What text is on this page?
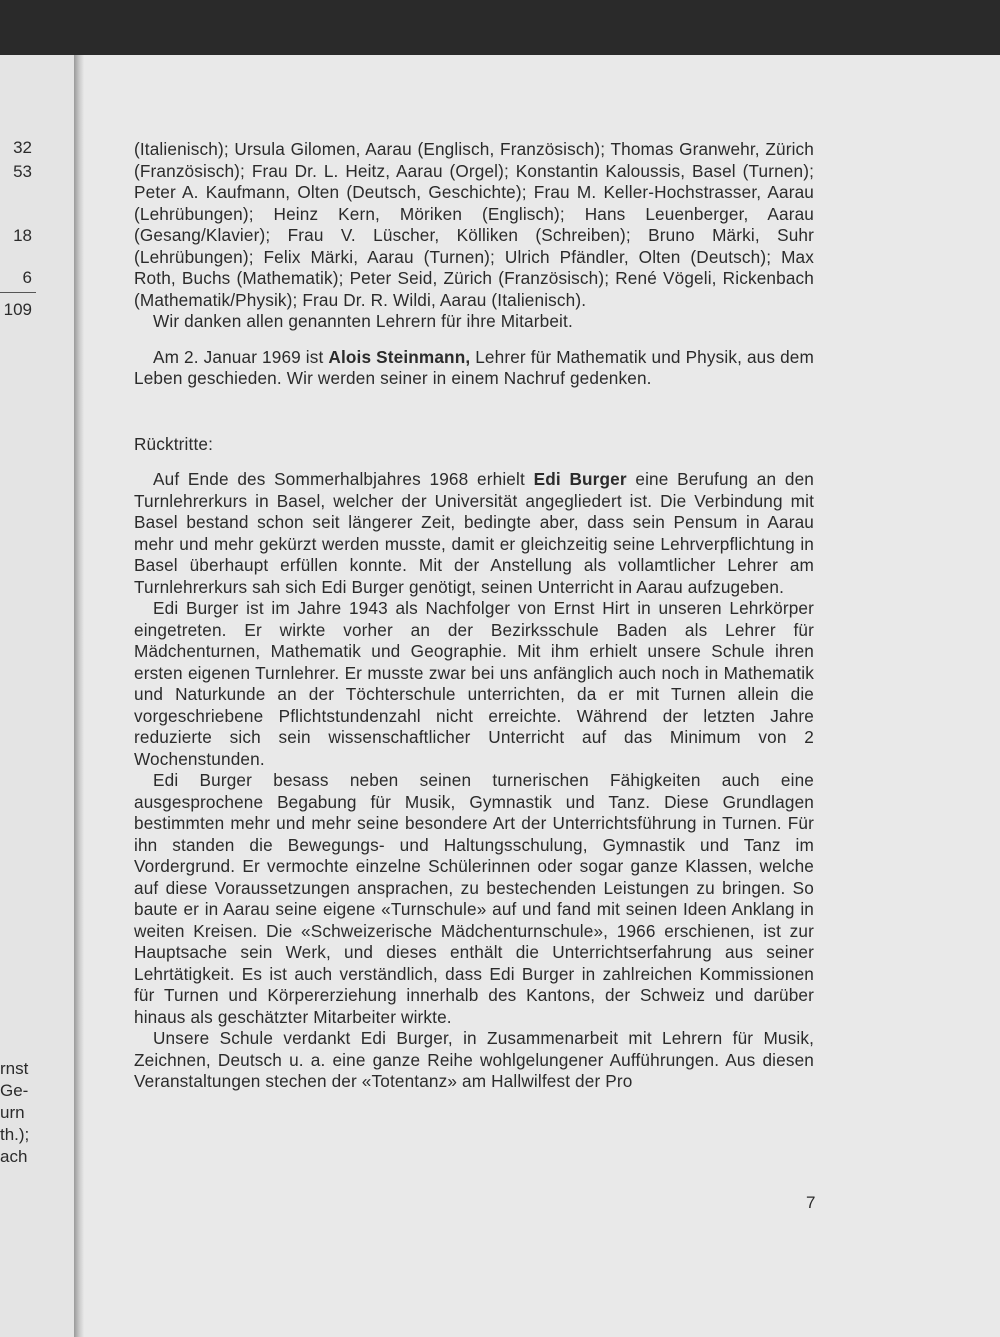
32
53
18
6
109
rnst
Ge-
urn
th.);
ach

(Italienisch); Ursula Gilomen, Aarau (Englisch, Französisch); Thomas Granwehr, Zürich (Französisch); Frau Dr. L. Heitz, Aarau (Orgel); Konstantin Kaloussis, Basel (Turnen); Peter A. Kaufmann, Olten (Deutsch, Geschichte); Frau M. Keller-Hochstrasser, Aarau (Lehrübungen); Heinz Kern, Möriken (Englisch); Hans Leuenberger, Aarau (Gesang/Klavier); Frau V. Lüscher, Kölliken (Schreiben); Bruno Märki, Suhr (Lehrübungen); Felix Märki, Aarau (Turnen); Ulrich Pfändler, Olten (Deutsch); Max Roth, Buchs (Mathematik); Peter Seid, Zürich (Französisch); René Vögeli, Rickenbach (Mathematik/Physik); Frau Dr. R. Wildi, Aarau (Italienisch).

Wir danken allen genannten Lehrern für ihre Mitarbeit.

Am 2. Januar 1969 ist Alois Steinmann, Lehrer für Mathematik und Physik, aus dem Leben geschieden. Wir werden seiner in einem Nachruf gedenken.

Rücktritte:

Auf Ende des Sommerhalbjahres 1968 erhielt Edi Burger eine Berufung an den Turnlehrerkurs in Basel, welcher der Universität angegliedert ist. Die Verbindung mit Basel bestand schon seit längerer Zeit, bedingte aber, dass sein Pensum in Aarau mehr und mehr gekürzt werden musste, damit er gleichzeitig seine Lehrverpflichtung in Basel überhaupt erfüllen konnte. Mit der Anstellung als vollamtlicher Lehrer am Turnlehrerkurs sah sich Edi Burger genötigt, seinen Unterricht in Aarau aufzugeben.

Edi Burger ist im Jahre 1943 als Nachfolger von Ernst Hirt in unseren Lehrkörper eingetreten. Er wirkte vorher an der Bezirksschule Baden als Lehrer für Mädchenturnen, Mathematik und Geographie. Mit ihm erhielt unsere Schule ihren ersten eigenen Turnlehrer. Er musste zwar bei uns anfänglich auch noch in Mathematik und Naturkunde an der Töchterschule unterrichten, da er mit Turnen allein die vorgeschriebene Pflichtstundenzahl nicht erreichte. Während der letzten Jahre reduzierte sich sein wissenschaftlicher Unterricht auf das Minimum von 2 Wochenstunden.

Edi Burger besass neben seinen turnerischen Fähigkeiten auch eine ausgesprochene Begabung für Musik, Gymnastik und Tanz. Diese Grundlagen bestimmten mehr und mehr seine besondere Art der Unterrichtsführung in Turnen. Für ihn standen die Bewegungs- und Haltungsschulung, Gymnastik und Tanz im Vordergrund. Er vermochte einzelne Schülerinnen oder sogar ganze Klassen, welche auf diese Voraussetzungen ansprachen, zu bestechenden Leistungen zu bringen. So baute er in Aarau seine eigene «Turnschule» auf und fand mit seinen Ideen Anklang in weiten Kreisen. Die «Schweizerische Mädchenturnschule», 1966 erschienen, ist zur Hauptsache sein Werk, und dieses enthält die Unterrichtserfahrung aus seiner Lehrtätigkeit. Es ist auch verständlich, dass Edi Burger in zahlreichen Kommissionen für Turnen und Körpererziehung innerhalb des Kantons, der Schweiz und darüber hinaus als geschätzter Mitarbeiter wirkte.

Unsere Schule verdankt Edi Burger, in Zusammenarbeit mit Lehrern für Musik, Zeichnen, Deutsch u. a. eine ganze Reihe wohlgelungener Aufführungen. Aus diesen Veranstaltungen stechen der «Totentanz» am Hallwilfest der Pro

7
